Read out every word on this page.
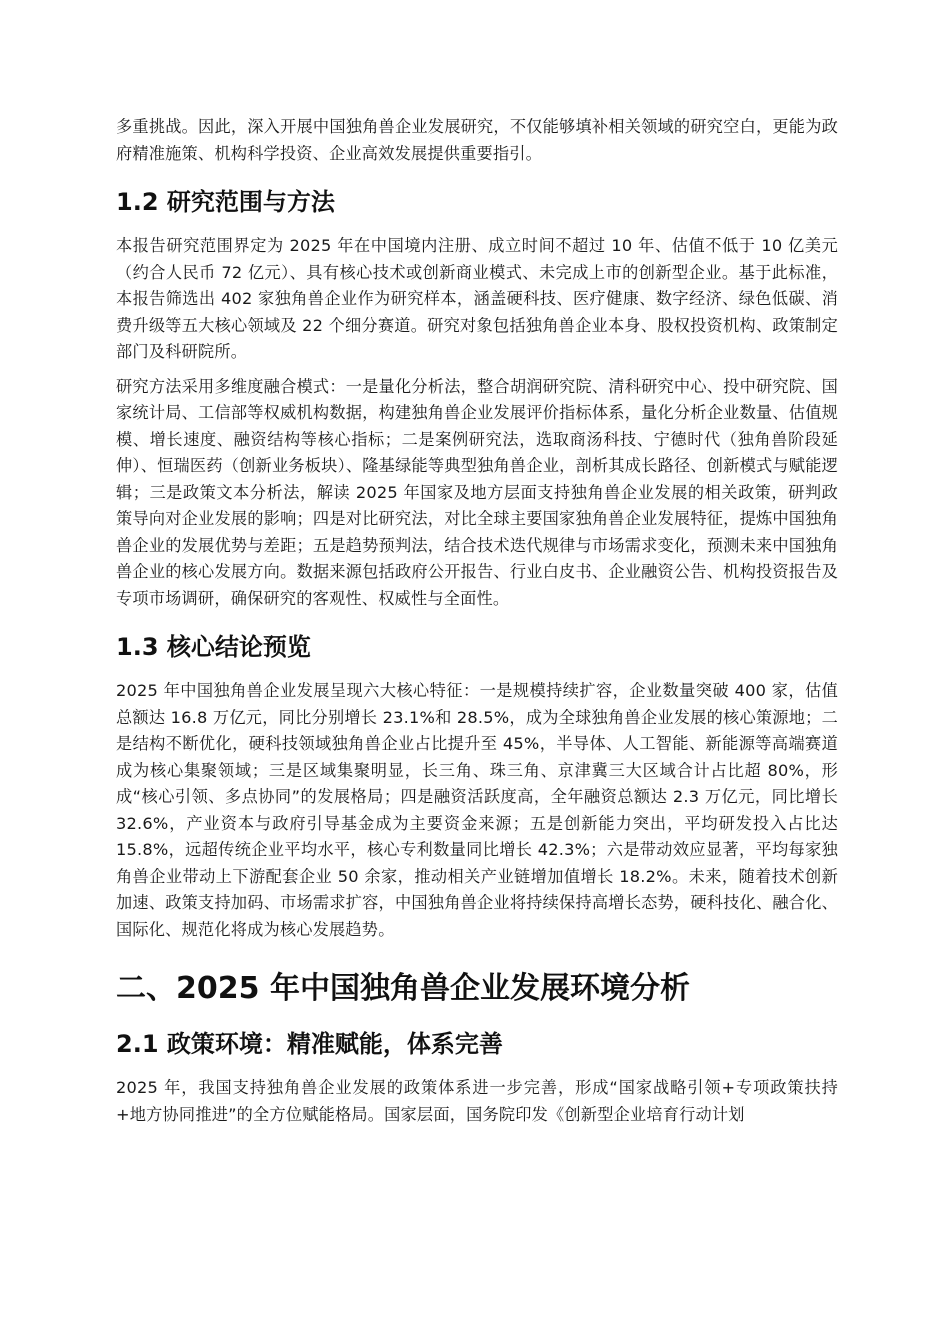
多重挑战。因此，深入开展中国独角兽企业发展研究，不仅能够填补相关领域的研究空白，更能为政府精准施策、机构科学投资、企业高效发展提供重要指引。

1.2 研究范围与方法

本报告研究范围界定为 2025 年在中国境内注册、成立时间不超过 10 年、估值不低于 10 亿美元（约合人民币 72 亿元）、具有核心技术或创新商业模式、未完成上市的创新型企业。基于此标准，本报告筛选出 402 家独角兽企业作为研究样本，涵盖硬科技、医疗健康、数字经济、绿色低碳、消费升级等五大核心领域及 22 个细分赛道。研究对象包括独角兽企业本身、股权投资机构、政策制定部门及科研院所。

研究方法采用多维度融合模式：一是量化分析法，整合胡润研究院、清科研究中心、投中研究院、国家统计局、工信部等权威机构数据，构建独角兽企业发展评价指标体系，量化分析企业数量、估值规模、增长速度、融资结构等核心指标；二是案例研究法，选取商汤科技、宁德时代（独角兽阶段延伸）、恒瑞医药（创新业务板块）、隆基绿能等典型独角兽企业，剖析其成长路径、创新模式与赋能逻辑；三是政策文本分析法，解读 2025 年国家及地方层面支持独角兽企业发展的相关政策，研判政策导向对企业发展的影响；四是对比研究法，对比全球主要国家独角兽企业发展特征，提炼中国独角兽企业的发展优势与差距；五是趋势预判法，结合技术迭代规律与市场需求变化，预测未来中国独角兽企业的核心发展方向。数据来源包括政府公开报告、行业白皮书、企业融资公告、机构投资报告及专项市场调研，确保研究的客观性、权威性与全面性。

1.3 核心结论预览

2025 年中国独角兽企业发展呈现六大核心特征：一是规模持续扩容，企业数量突破 400 家，估值总额达 16.8 万亿元，同比分别增长 23.1%和 28.5%，成为全球独角兽企业发展的核心策源地；二是结构不断优化，硬科技领域独角兽企业占比提升至 45%，半导体、人工智能、新能源等高端赛道成为核心集聚领域；三是区域集聚明显，长三角、珠三角、京津冀三大区域合计占比超 80%，形成“核心引领、多点协同”的发展格局；四是融资活跃度高，全年融资总额达 2.3 万亿元，同比增长 32.6%，产业资本与政府引导基金成为主要资金来源；五是创新能力突出，平均研发投入占比达 15.8%，远超传统企业平均水平，核心专利数量同比增长 42.3%；六是带动效应显著，平均每家独角兽企业带动上下游配套企业 50 余家，推动相关产业链增加值增长 18.2%。未来，随着技术创新加速、政策支持加码、市场需求扩容，中国独角兽企业将持续保持高增长态势，硬科技化、融合化、国际化、规范化将成为核心发展趋势。

二、2025 年中国独角兽企业发展环境分析
2.1 政策环境：精准赋能，体系完善

2025 年，我国支持独角兽企业发展的政策体系进一步完善，形成“国家战略引领+专项政策扶持+地方协同推进”的全方位赋能格局。国家层面，国务院印发《创新型企业培育行动计划
